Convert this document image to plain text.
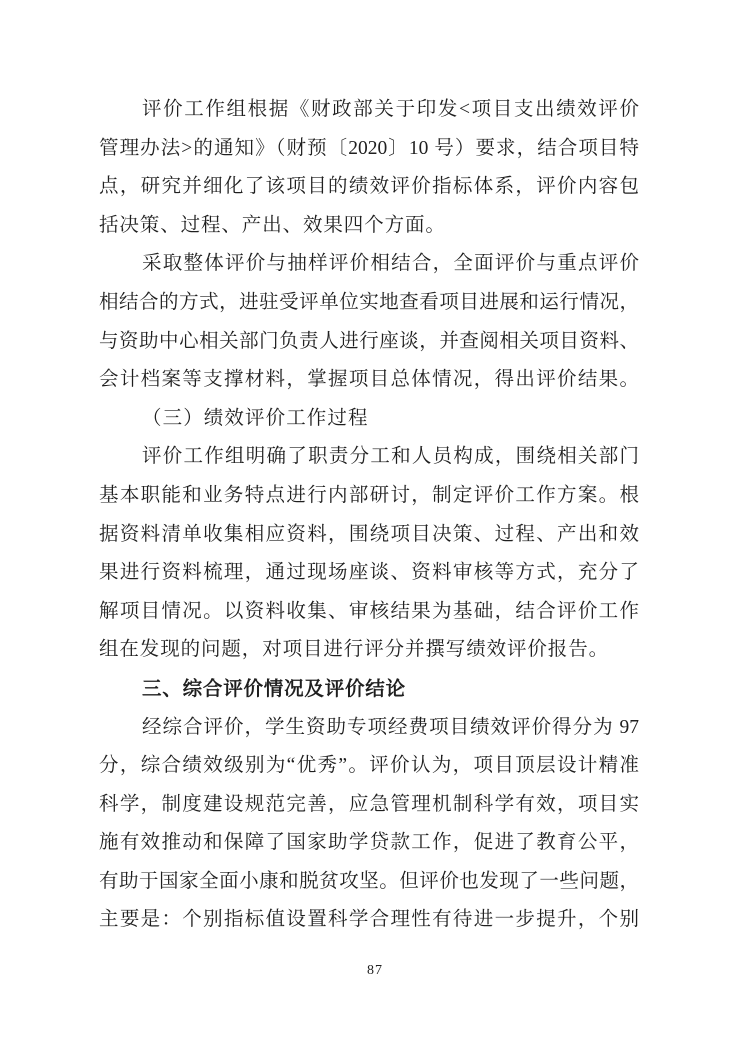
评价工作组根据《财政部关于印发<项目支出绩效评价
管理办法>的通知》（财预〔2020〕10 号）要求，结合项目特
点，研究并细化了该项目的绩效评价指标体系，评价内容包
括决策、过程、产出、效果四个方面。
采取整体评价与抽样评价相结合，全面评价与重点评价
相结合的方式，进驻受评单位实地查看项目进展和运行情况，
与资助中心相关部门负责人进行座谈，并查阅相关项目资料、
会计档案等支撑材料，掌握项目总体情况，得出评价结果。
（三）绩效评价工作过程
评价工作组明确了职责分工和人员构成，围绕相关部门
基本职能和业务特点进行内部研讨，制定评价工作方案。根
据资料清单收集相应资料，围绕项目决策、过程、产出和效
果进行资料梳理，通过现场座谈、资料审核等方式，充分了
解项目情况。以资料收集、审核结果为基础，结合评价工作
组在发现的问题，对项目进行评分并撰写绩效评价报告。
三、综合评价情况及评价结论
经综合评价，学生资助专项经费项目绩效评价得分为 97
分，综合绩效级别为“优秀”。评价认为，项目顶层设计精准
科学，制度建设规范完善，应急管理机制科学有效，项目实
施有效推动和保障了国家助学贷款工作，促进了教育公平，
有助于国家全面小康和脱贫攻坚。但评价也发现了一些问题，
主要是：个别指标值设置科学合理性有待进一步提升，个别
87
